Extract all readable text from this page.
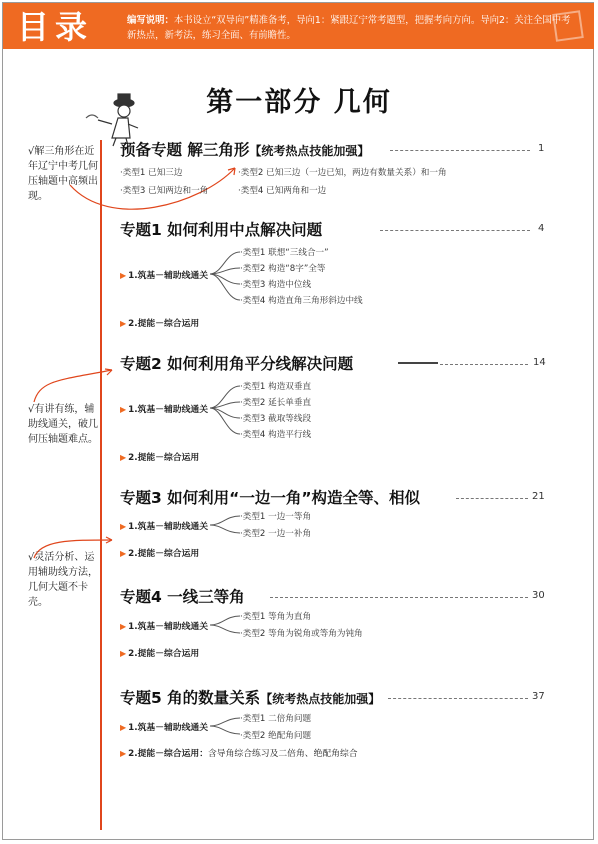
目录	编写说明：本书设立“双导向”精准备考，导向1：紧跟辽宁常考题型，把握考向方向。导向2：关注全国中考新热点，新考法，练习全面、有前瞻性。
第一部分 几何
√解三角形在近年辽宁中考几何压轴题中高频出现。
√有讲有练，辅助线通关，破几何压轴题难点。
√灵活分析、运用辅助线方法，几何大题不卡壳。
预备专题 解三角形【统考热点技能加强】	1
·类型1 已知三边	·类型2 已知三边（一边已知，两边有数量关系）和一角
·类型3 已知两边和一角	·类型4 已知两角和一边
专题1 如何利用中点解决问题	4
▶ 1.筑基－辅助线通关
·类型1 联想“三线合一”
·类型2 构造“8字”全等
·类型3 构造中位线
·类型4 构造直角三角形斜边中线
▶ 2.提能－综合运用
专题2 如何利用角平分线解决问题	14
▶ 1.筑基－辅助线通关
·类型1 构造双垂直
·类型2 延长单垂直
·类型3 截取等线段
·类型4 构造平行线
▶ 2.提能－综合运用
专题3 如何利用“一边一角”构造全等、相似	21
▶ 1.筑基－辅助线通关
·类型1 一边一等角
·类型2 一边一补角
▶ 2.提能－综合运用
专题4 一线三等角	30
▶ 1.筑基－辅助线通关
·类型1 等角为直角
·类型2 等角为锐角或等角为钝角
▶ 2.提能－综合运用
专题5 角的数量关系【统考热点技能加强】	37
▶ 1.筑基－辅助线通关
·类型1 二倍角问题
·类型2 绝配角问题
▶ 2.提能－综合运用：含导角综合练习及二倍角、绝配角综合
